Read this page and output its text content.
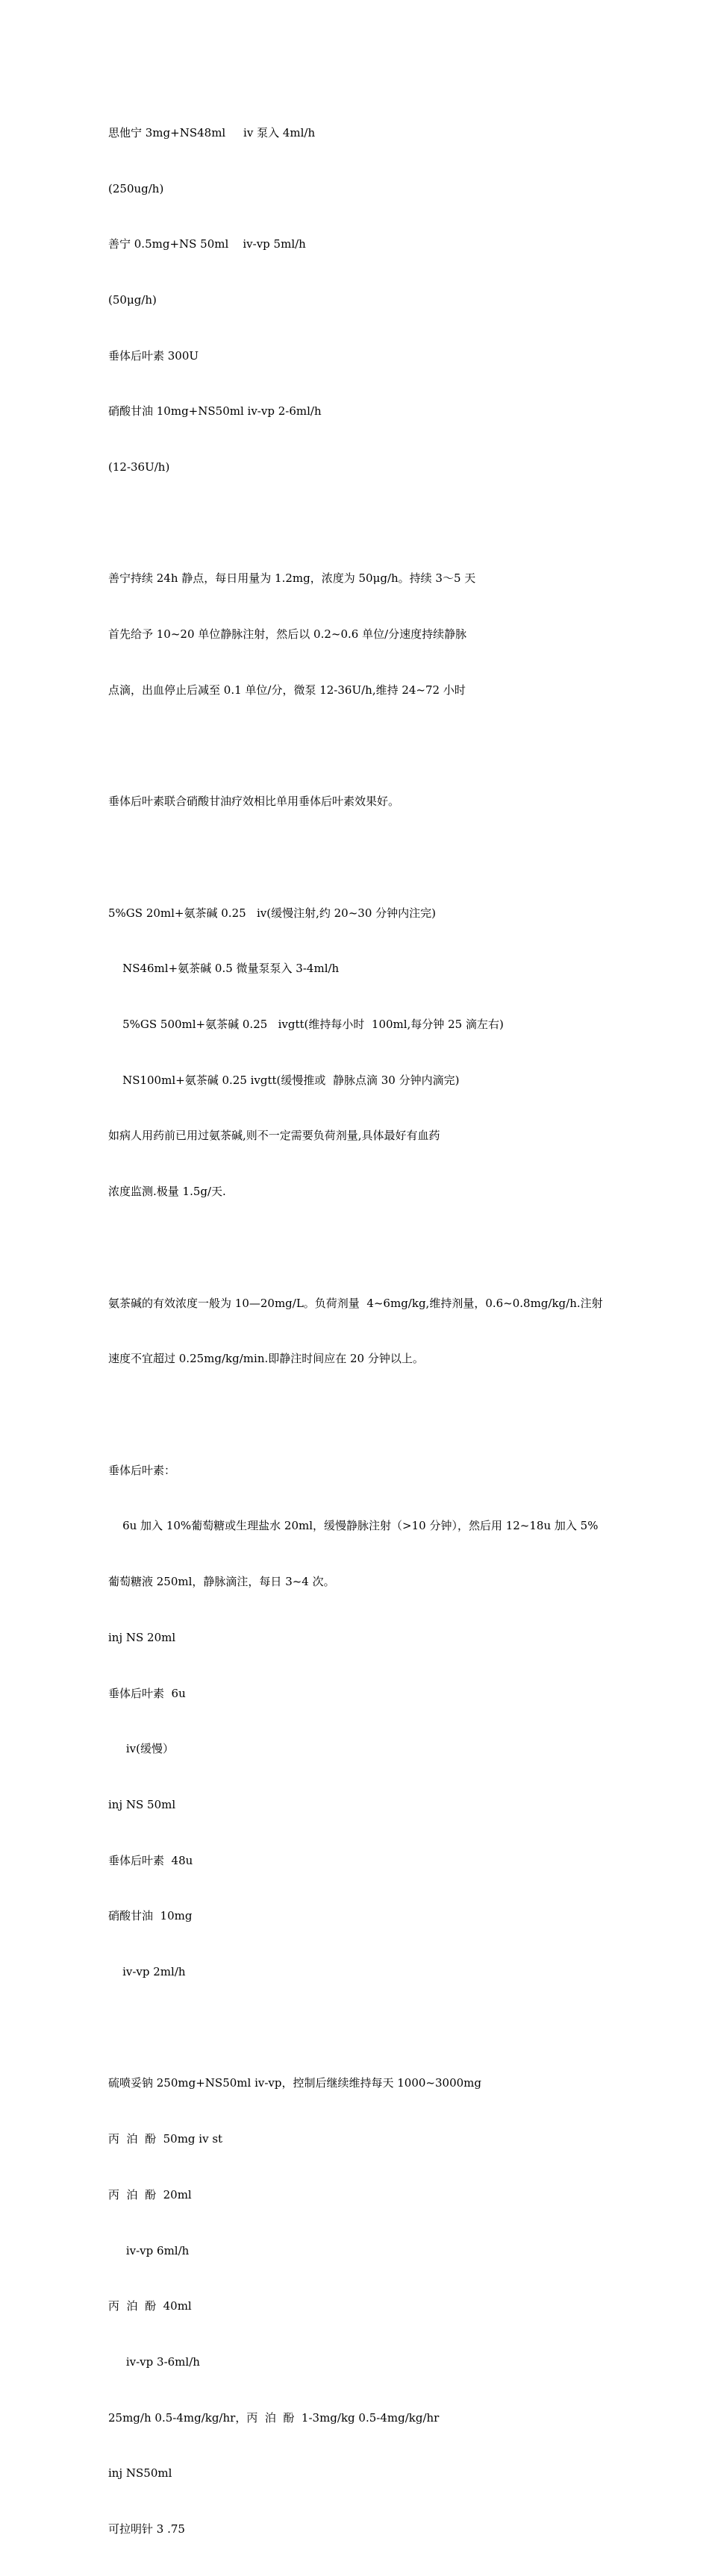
思他宁 3mg+NS48ml     iv 泵入 4ml/h

(250ug/h)

善宁 0.5mg+NS 50ml    iv-vp 5ml/h

(50μg/h)

垂体后叶素 300U

硝酸甘油 10mg+NS50ml iv-vp 2-6ml/h

(12-36U/h)

善宁持续 24h 静点，每日用量为 1.2mg，浓度为 50μg/h。持续 3～5 天

首先给予 10~20 单位静脉注射，然后以 0.2~0.6 单位/分速度持续静脉

点滴，出血停止后减至 0.1 单位/分，微泵 12-36U/h,维持 24~72 小时

垂体后叶素联合硝酸甘油疗效相比单用垂体后叶素效果好。

5%GS 20ml+氨茶碱 0.25   iv(缓慢注射,约 20~30 分钟内注完)

NS46ml+氨茶碱 0.5 微量泵泵入 3-4ml/h

5%GS 500ml+氨茶碱 0.25   ivgtt(维持每小时  100ml,每分钟 25 滴左右)

NS100ml+氨茶碱 0.25 ivgtt(缓慢推或  静脉点滴 30 分钟内滴完)

如病人用药前已用过氨茶碱,则不一定需要负荷剂量,具体最好有血药

浓度监测.极量 1.5g/天.

氨茶碱的有效浓度一般为 10—20mg/L。负荷剂量  4~6mg/kg,维持剂量，0.6~0.8mg/kg/h.注射

速度不宜超过 0.25mg/kg/min.即静注时间应在 20 分钟以上。

垂体后叶素：

6u 加入 10%葡萄糖或生理盐水 20ml，缓慢静脉注射（>10 分钟），然后用 12~18u 加入 5%

葡萄糖液 250ml，静脉滴注，每日 3~4 次。

inj NS 20ml

垂体后叶素  6u

iv(缓慢）

inj NS 50ml

垂体后叶素  48u

硝酸甘油  10mg

iv-vp 2ml/h

硫喷妥钠 250mg+NS50ml iv-vp，控制后继续维持每天 1000~3000mg

丙  泊  酚  50mg iv st

丙  泊  酚  20ml

iv-vp 6ml/h

丙  泊  酚  40ml

iv-vp 3-6ml/h

25mg/h 0.5-4mg/kg/hr，丙  泊  酚  1-3mg/kg 0.5-4mg/kg/hr

inj NS50ml

可拉明针 3 .75
